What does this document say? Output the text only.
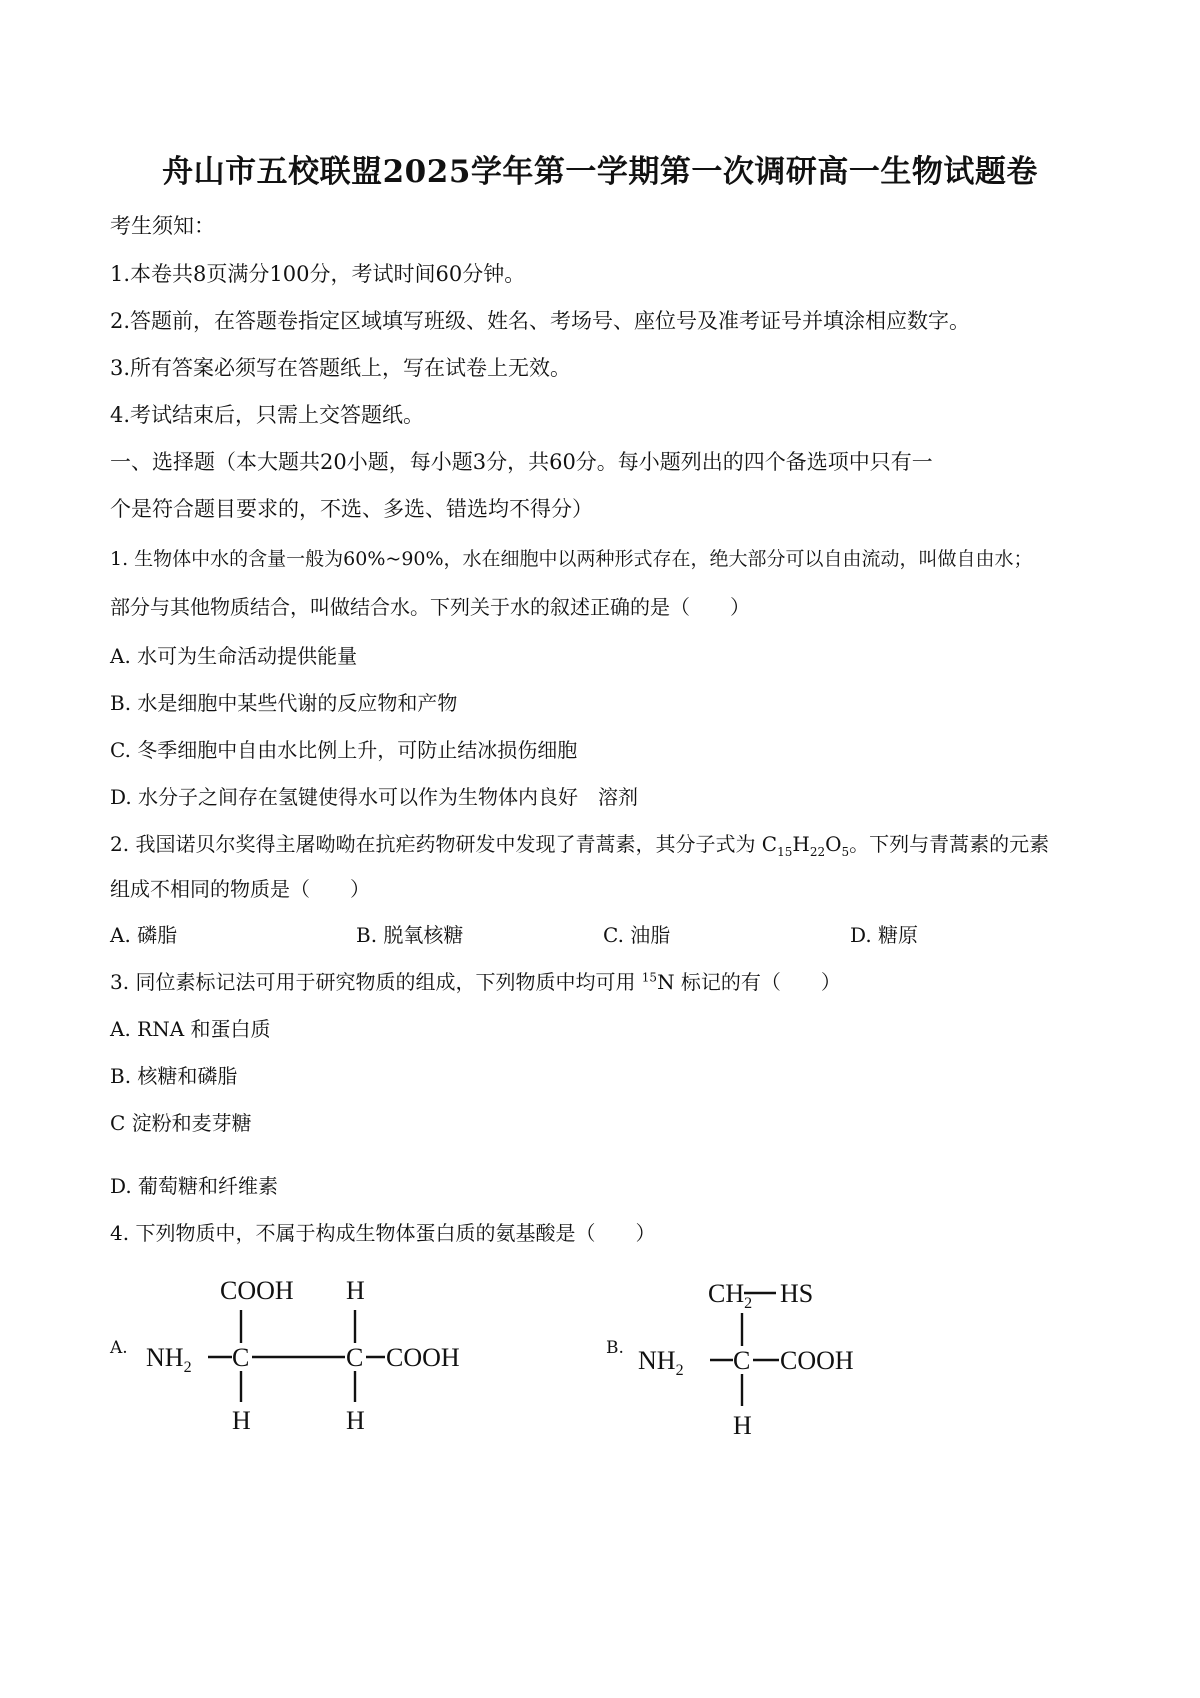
舟山市五校联盟2025学年第一学期第一次调研高一生物试题卷
考生须知：
1.本卷共8页满分100分，考试时间60分钟。
2.答题前，在答题卷指定区域填写班级、姓名、考场号、座位号及准考证号并填涂相应数字。
3.所有答案必须写在答题纸上，写在试卷上无效。
4.考试结束后，只需上交答题纸。
一、选择题（本大题共20小题，每小题3分，共60分。每小题列出的四个备选项中只有一
个是符合题目要求的，不选、多选、错选均不得分）
1. 生物体中水的含量一般为60%~90%，水在细胞中以两种形式存在，绝大部分可以自由流动，叫做自由水；
部分与其他物质结合，叫做结合水。下列关于水的叙述正确的是（　　）
A. 水可为生命活动提供能量
B. 水是细胞中某些代谢的反应物和产物
C. 冬季细胞中自由水比例上升，可防止结冰损伤细胞
D. 水分子之间存在氢键使得水可以作为生物体内良好　溶剂
2. 我国诺贝尔奖得主屠呦呦在抗疟药物研发中发现了青蒿素，其分子式为 $C_{15}H_{22}O_5$。下列与青蒿素的元素
组成不相同的物质是（　　）
A. 磷脂	B. 脱氧核糖	C. 油脂	D. 糖原
3. 同位素标记法可用于研究物质的组成，下列物质中均可用 $^{15}$N 标记的有（　　）
A. RNA 和蛋白质
B. 核糖和磷脂
C 淀粉和麦芽糖
D. 葡萄糖和纤维素
4. 下列物质中，不属于构成生物体蛋白质的氨基酸是（　　）
A.
COOH H
$NH_2$ C	C COOH
H	H
B.
$CH_2$ HS
$NH_2$ C COOH
H
